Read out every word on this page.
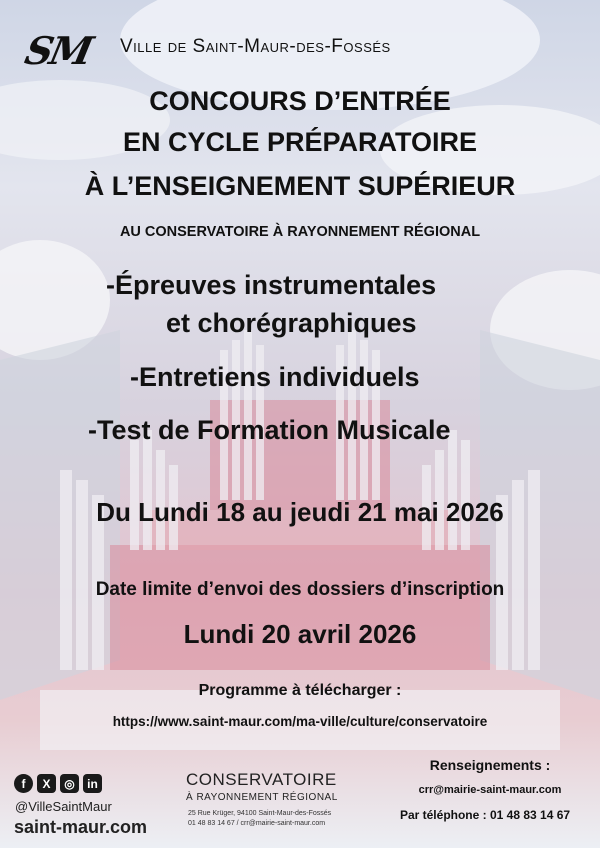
SM Ville de Saint-Maur-des-Fossés
CONCOURS D’ENTRÉE
EN CYCLE PRÉPARATOIRE
À L’ENSEIGNEMENT SUPÉRIEUR
AU CONSERVATOIRE À RAYONNEMENT RÉGIONAL
-Épreuves instrumentales
et chorégraphiques
-Entretiens individuels
-Test de Formation Musicale
Du Lundi 18 au jeudi 21 mai 2026
Date limite d’envoi des dossiers d’inscription
Lundi 20 avril 2026
Programme à télécharger :
https://www.saint-maur.com/ma-ville/culture/conservatoire
f	X	◎	in
@VilleSaintMaur
saint-maur.com
CONSERVATOIRE
À RAYONNEMENT RÉGIONAL
25 Rue Krüger, 94100 Saint-Maur-des-Fossés
01 48 83 14 67 / crr@mairie-saint-maur.com
Renseignements :
crr@mairie-saint-maur.com
Par téléphone : 01 48 83 14 67
